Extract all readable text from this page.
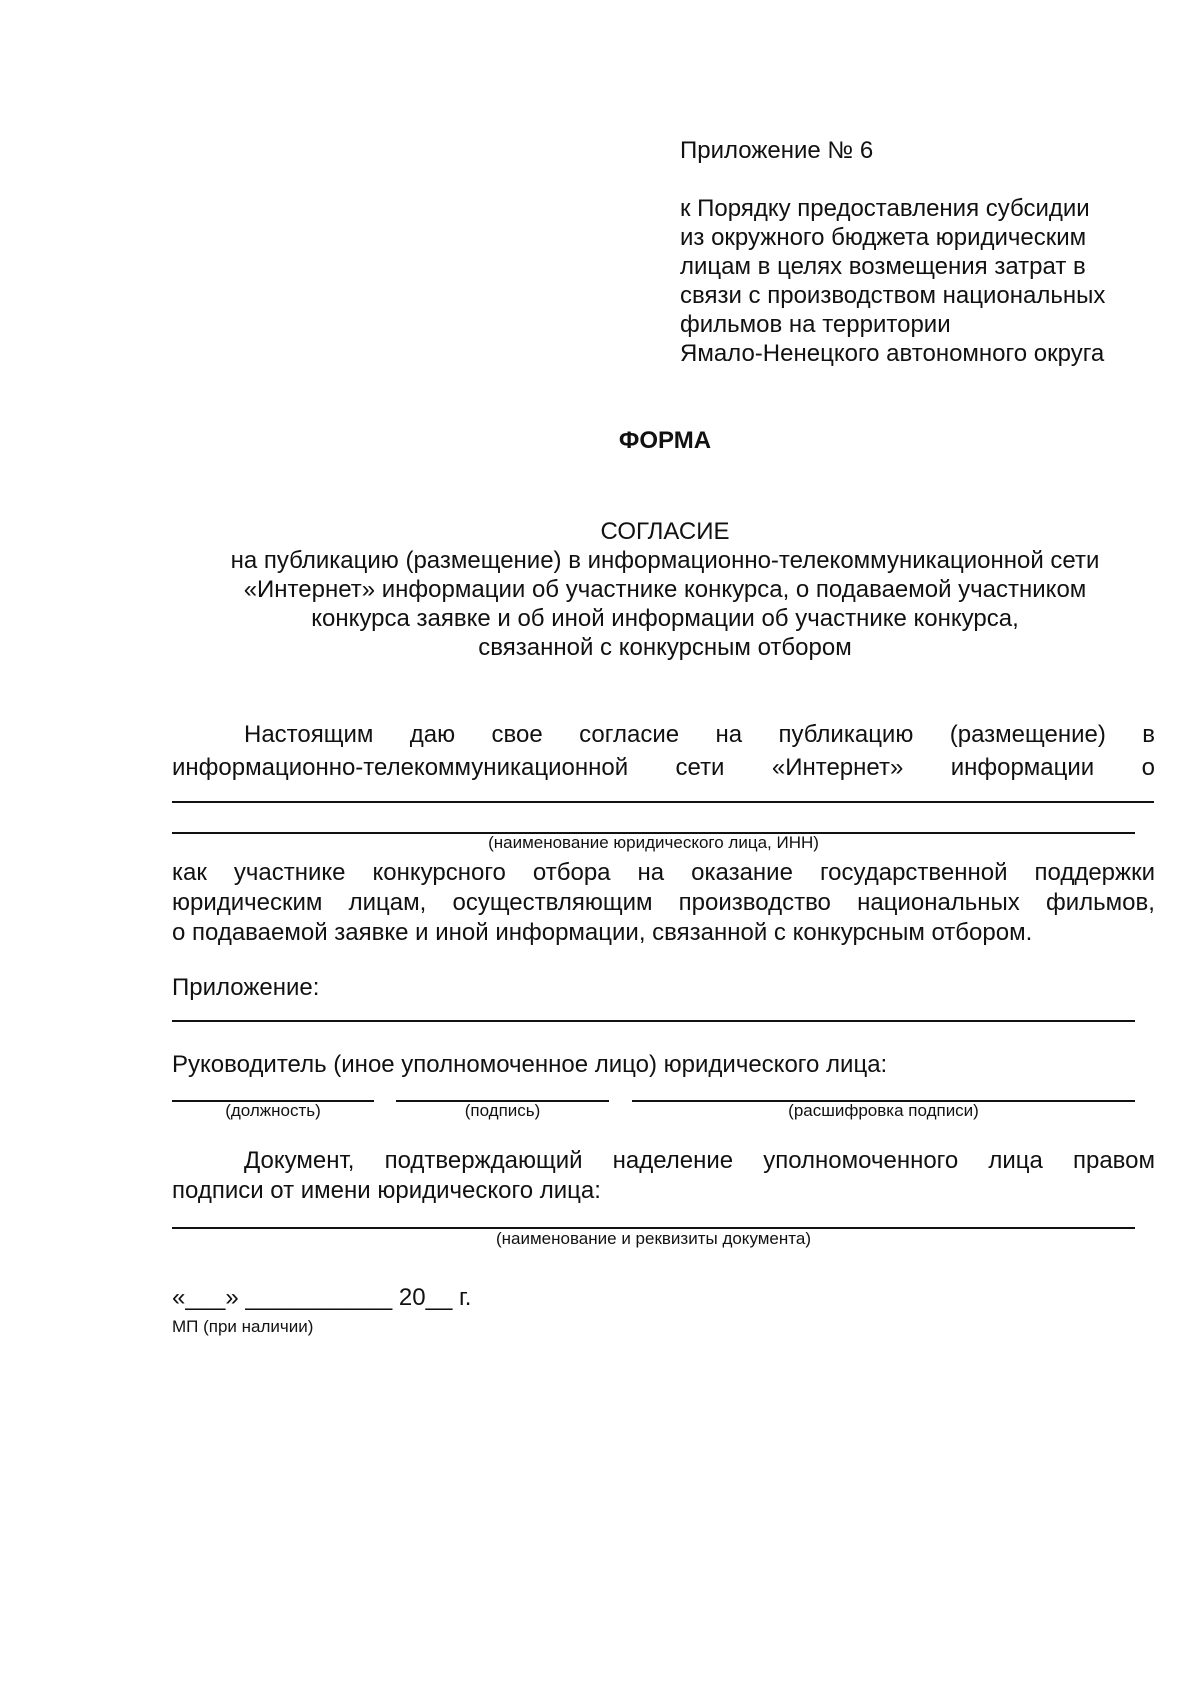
Приложение № 6
к Порядку предоставления субсидии
из окружного бюджета юридическим
лицам в целях возмещения затрат в
связи с производством национальных
фильмов на территории
Ямало-Ненецкого автономного округа
ФОРМА
СОГЛАСИЕ
на публикацию (размещение) в информационно-телекоммуникационной сети
«Интернет» информации об участнике конкурса, о подаваемой участником
конкурса заявке и об иной информации об участнике конкурса,
связанной с конкурсным отбором
Настоящим даю свое согласие на публикацию (размещение) в
информационно-телекоммуникационной сети «Интернет» информации о
(наименование юридического лица, ИНН)
как участнике конкурсного отбора на оказание государственной поддержки
юридическим лицам, осуществляющим производство национальных фильмов,
о подаваемой заявке и иной информации, связанной с конкурсным отбором.
Приложение:
Руководитель (иное уполномоченное лицо) юридического лица:
(должность)	(подпись)	(расшифровка подписи)
Документ, подтверждающий наделение уполномоченного лица правом
подписи от имени юридического лица:
(наименование и реквизиты документа)
«___» ___________ 20__ г.
МП (при наличии)
